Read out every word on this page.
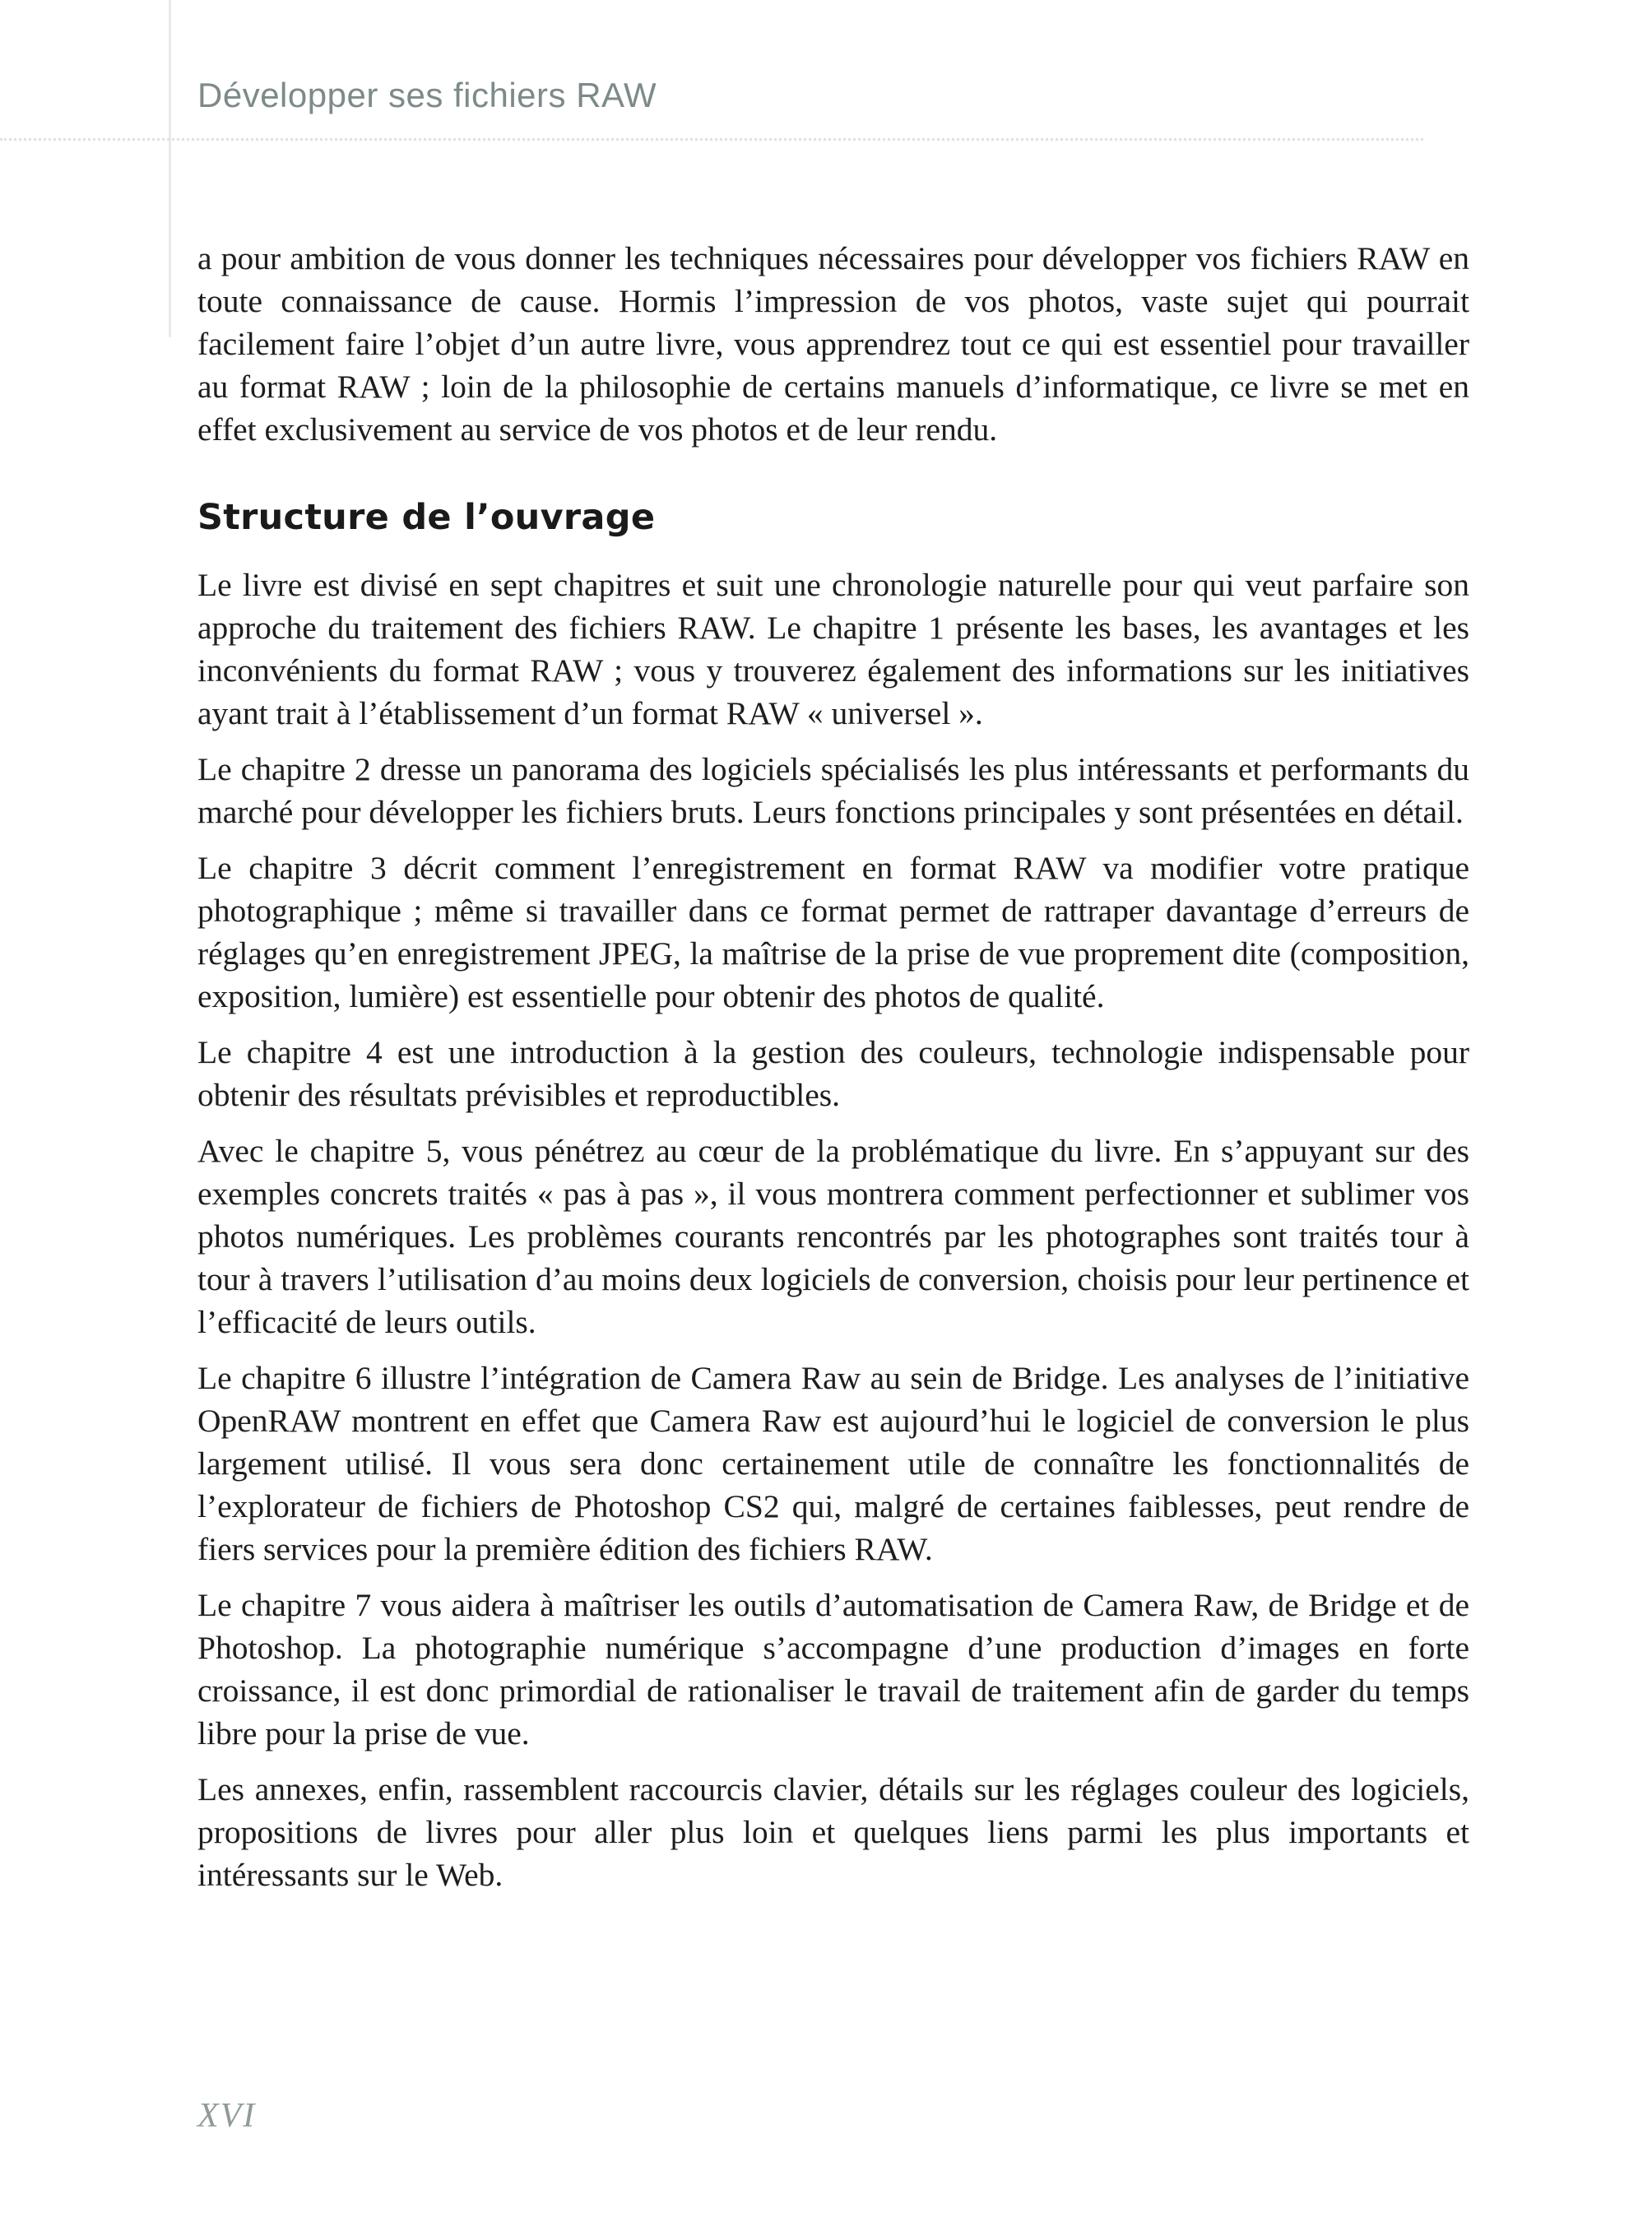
Développer ses fichiers RAW

a pour ambition de vous donner les techniques nécessaires pour développer vos fichiers RAW en toute connaissance de cause. Hormis l’impression de vos photos, vaste sujet qui pourrait facilement faire l’objet d’un autre livre, vous apprendrez tout ce qui est essentiel pour travailler au format RAW ; loin de la philosophie de certains manuels d’informatique, ce livre se met en effet exclusivement au service de vos photos et de leur rendu.

Structure de l’ouvrage

Le livre est divisé en sept chapitres et suit une chronologie naturelle pour qui veut parfaire son approche du traitement des fichiers RAW. Le chapitre 1 présente les bases, les avantages et les inconvénients du format RAW ; vous y trouverez également des informations sur les initiatives ayant trait à l’établissement d’un format RAW « universel ».

Le chapitre 2 dresse un panorama des logiciels spécialisés les plus intéressants et performants du marché pour développer les fichiers bruts. Leurs fonctions principales y sont présentées en détail.

Le chapitre 3 décrit comment l’enregistrement en format RAW va modifier votre pratique photographique ; même si travailler dans ce format permet de rattraper davantage d’erreurs de réglages qu’en enregistrement JPEG, la maîtrise de la prise de vue proprement dite (composition, exposition, lumière) est essentielle pour obtenir des photos de qualité.

Le chapitre 4 est une introduction à la gestion des couleurs, technologie indispensable pour obtenir des résultats prévisibles et reproductibles.

Avec le chapitre 5, vous pénétrez au cœur de la problématique du livre. En s’appuyant sur des exemples concrets traités « pas à pas », il vous montrera comment perfectionner et sublimer vos photos numériques. Les problèmes courants rencontrés par les photographes sont traités tour à tour à travers l’utilisation d’au moins deux logiciels de conversion, choisis pour leur pertinence et l’efficacité de leurs outils.

Le chapitre 6 illustre l’intégration de Camera Raw au sein de Bridge. Les analyses de l’initiative OpenRAW montrent en effet que Camera Raw est aujourd’hui le logiciel de conversion le plus largement utilisé. Il vous sera donc certainement utile de connaître les fonctionnalités de l’explorateur de fichiers de Photoshop CS2 qui, malgré de certaines faiblesses, peut rendre de fiers services pour la première édition des fichiers RAW.

Le chapitre 7 vous aidera à maîtriser les outils d’automatisation de Camera Raw, de Bridge et de Photoshop. La photographie numérique s’accompagne d’une production d’images en forte croissance, il est donc primordial de rationaliser le travail de traitement afin de garder du temps libre pour la prise de vue.

Les annexes, enfin, rassemblent raccourcis clavier, détails sur les réglages couleur des logiciels, propositions de livres pour aller plus loin et quelques liens parmi les plus importants et intéressants sur le Web.

XVI
